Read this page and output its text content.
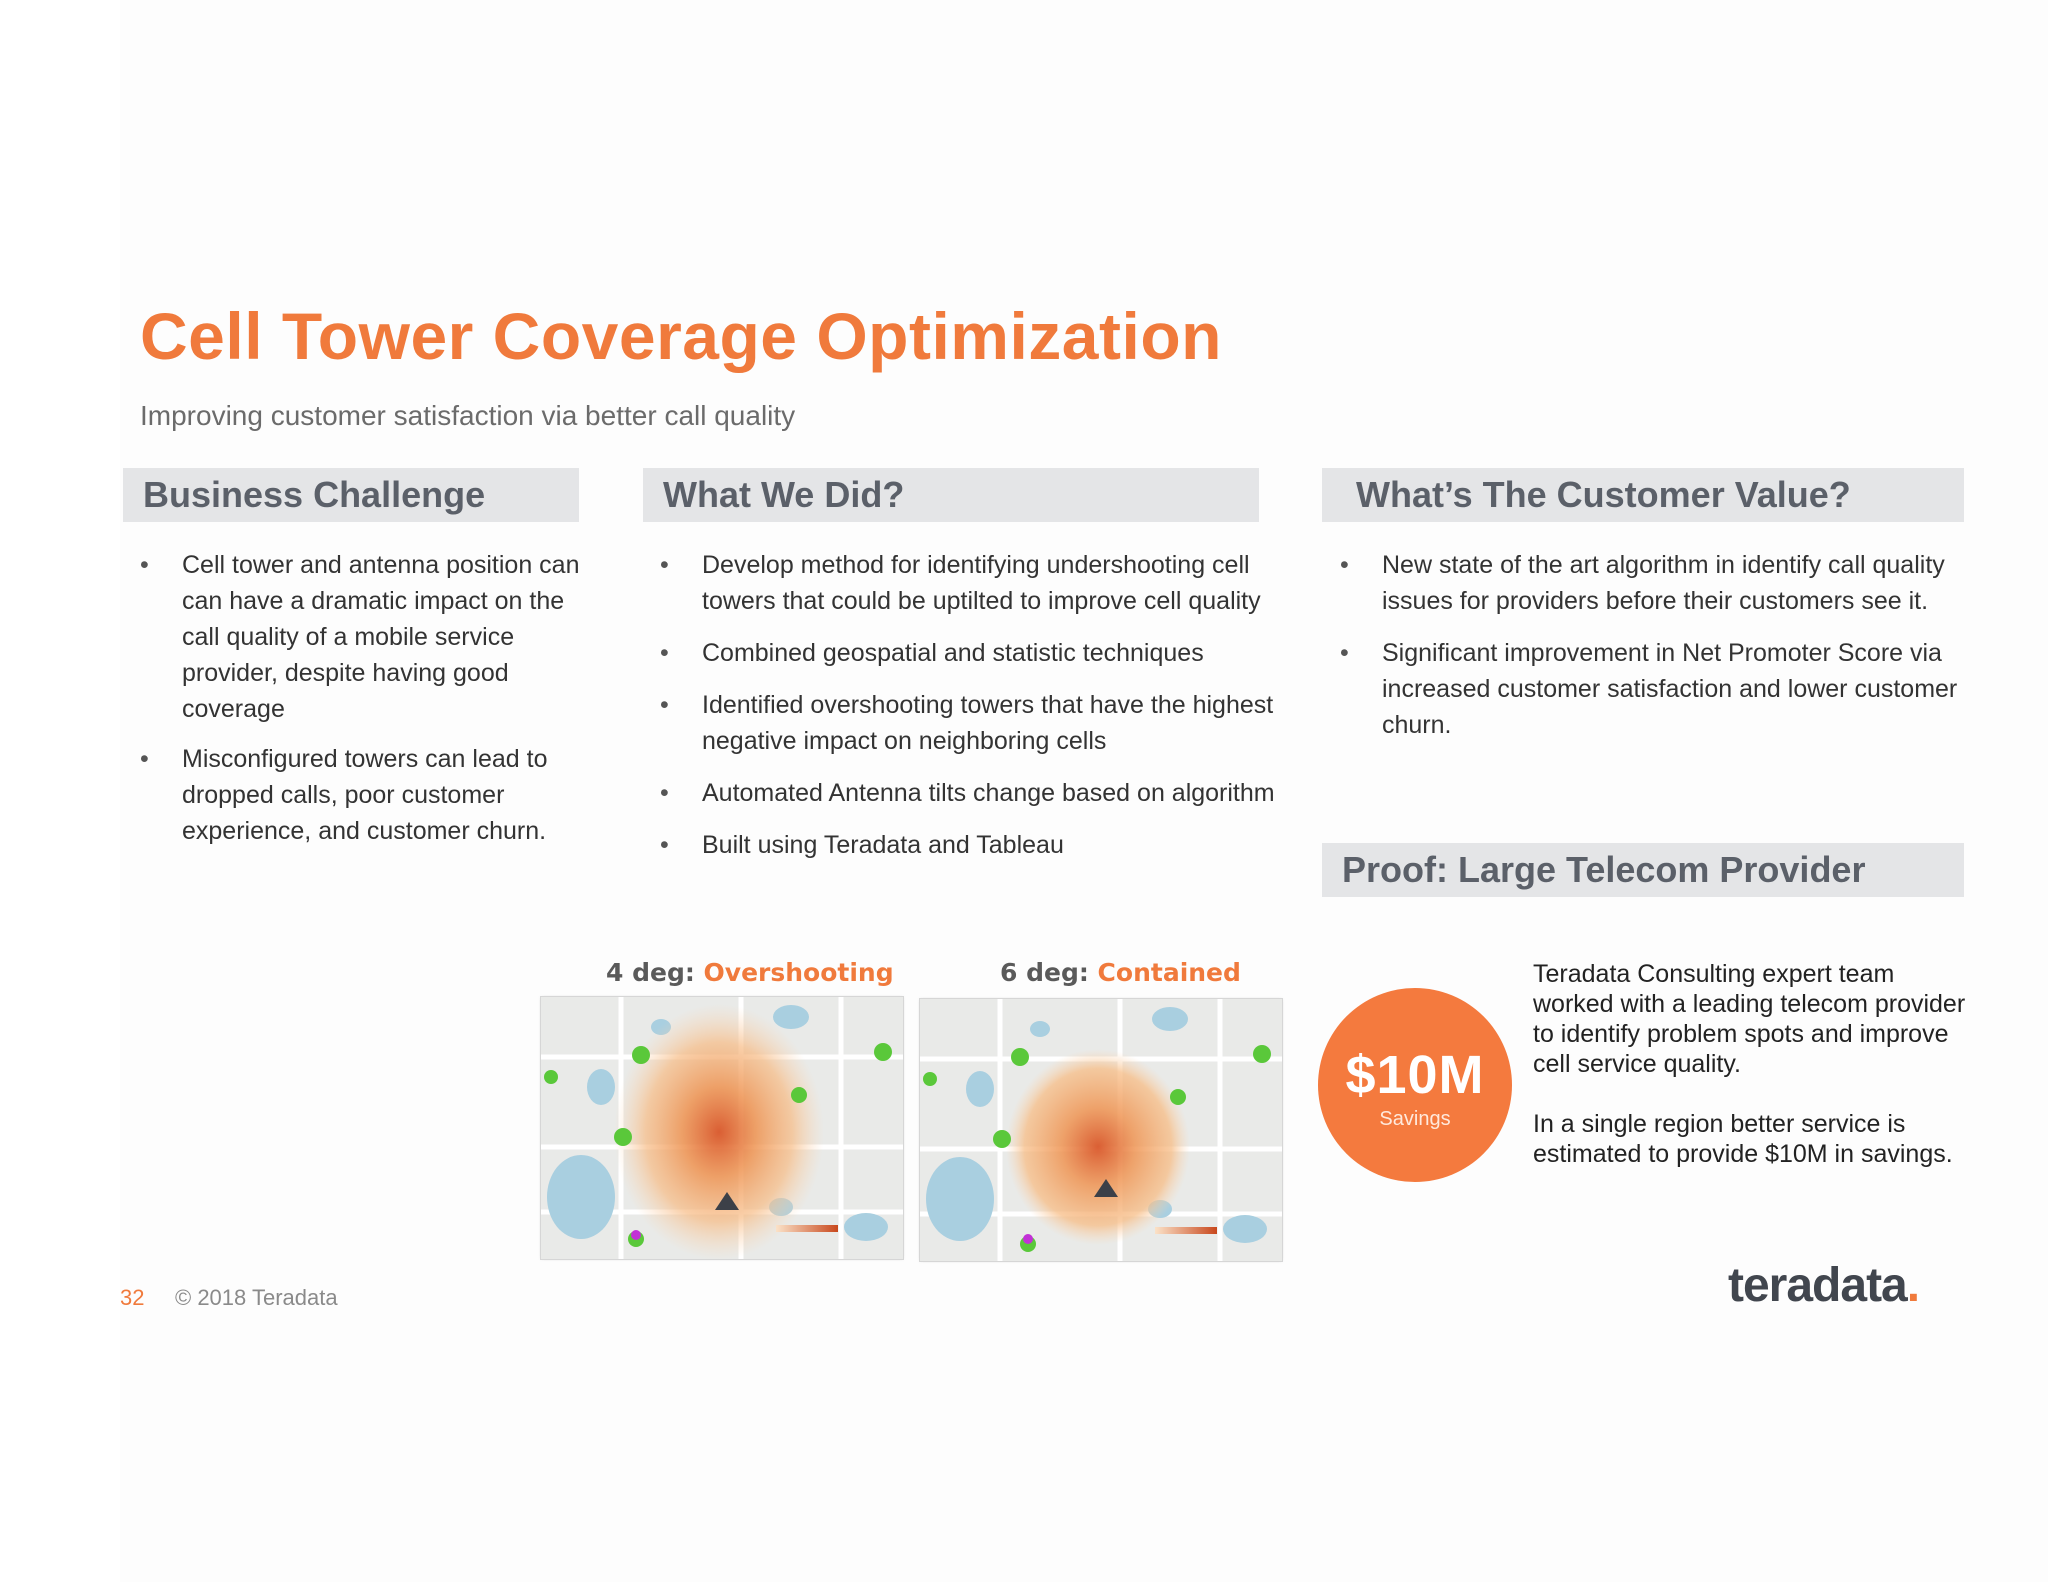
Cell Tower Coverage Optimization
Improving customer satisfaction via better call quality
Business Challenge
• Cell tower and antenna position can can have a dramatic impact on the call quality of a mobile service provider, despite having good coverage
• Misconfigured towers can lead to dropped calls, poor customer experience, and customer churn.
What We Did?
• Develop method for identifying undershooting cell towers that could be uptilted to improve cell quality
• Combined geospatial and statistic techniques
• Identified overshooting towers that have the highest negative impact on neighboring cells
• Automated Antenna tilts change based on algorithm
• Built using Teradata and Tableau
What’s The Customer Value?
• New state of the art algorithm in identify call quality issues for providers before their customers see it.
• Significant improvement in Net Promoter Score via increased customer satisfaction and lower customer churn.
4 deg: Overshooting	6 deg: Contained
Proof: Large Telecom Provider
$10M
Savings
Teradata Consulting expert team worked with a leading telecom provider to identify problem spots and improve cell service quality.
In a single region better service is estimated to provide $10M in savings.
32 © 2018 Teradata	teradata.
